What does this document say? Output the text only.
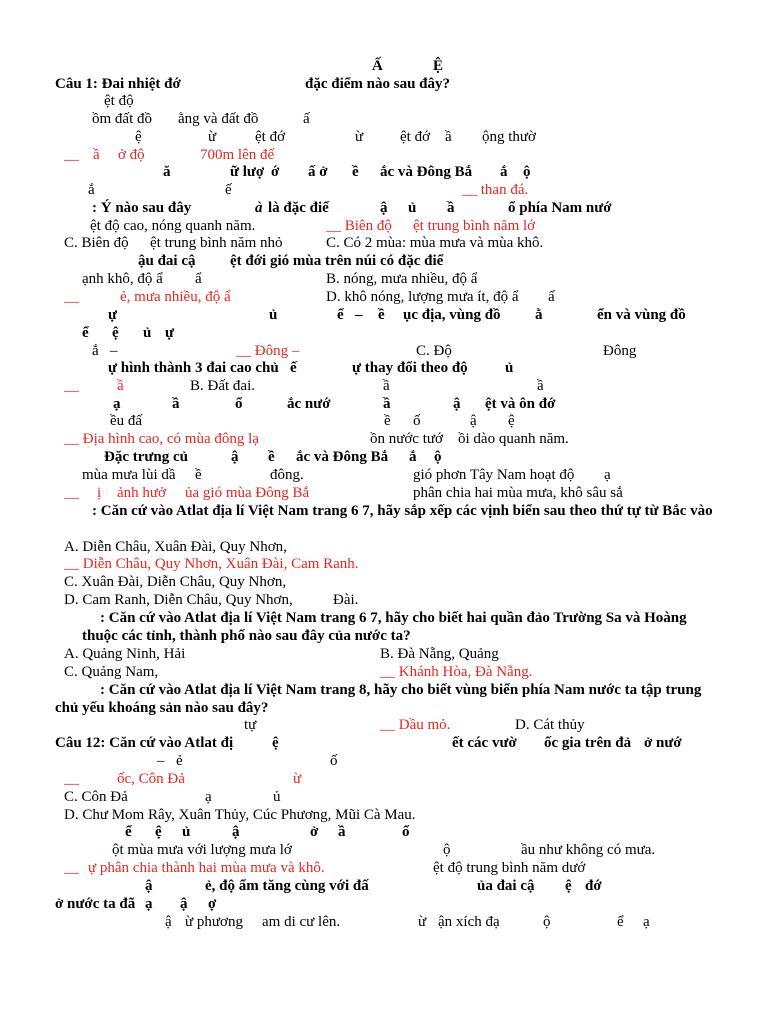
Ấ	Ệ
Câu 1: Đai nhiệt đớ	đặc điểm nào sau đây?
ệt độ
ồm đất đồ ằng và đất đồ	ấ
ệ	ừ	ệt đớ	ừ ệt đớ ầ ộng thườ
__ ầ ở độ	700m lên đế
ă	ữ lượ ớ ấ ở ề ắc và Đông Bắ ắ ộ
ắ	ế	__ than đá.
: Ý nào sau đây	à là đặc điể	ậ ủ ầ	ổ phía Nam nướ
ệt độ cao, nóng quanh năm.	__ Biên độ ệt trung bình năm lớ
C. Biên độ ệt trung bình năm nhỏ	C. Có 2 mùa: mùa mưa và mùa khô.
ậu đai cậ ệt đới gió mùa trên núi có đặc điể
ạnh khô, độ ẩ ẩ	B. nóng, mưa nhiều, độ ẩ
__	ẻ, mưa nhiều, độ ẩ	D. khô nóng, lượng mưa ít, độ ẩ ấ
ự	ủ	ể – ề ục địa, vùng đồ ằ	ển và vùng đồ
ể ệ ủ ự
ắ –	__ Đông –	C. Độ	Đông
ự hình thành 3 đai cao chủ ế	ự thay đổi theo độ ủ
__	ầ	B. Đất đai.	ầ	ầ
ạ	ầ	ổ	ắc nướ	ầ	ậ ệt và ôn đớ
ều đấ	ề ố	ậ ệ
__ Địa hình cao, có mùa đông lạ	ồn nước tướ ồi dào quanh năm.
Đặc trưng củ	ậ ề ắc và Đông Bắ ắ ộ
mùa mưa lùi dầ ề	đông.	gió phơn Tây Nam hoạt độ ạ
__ ị ảnh hưở ủa gió mùa Đông Bắ	phân chia hai mùa mưa, khô sâu sắ
: Căn cứ vào Atlat địa lí Việt Nam trang 6 7, hãy sắp xếp các vịnh biển sau theo thứ tự từ Bắc vào
A. Diễn Châu, Xuân Đài, Quy Nhơn,
__ Diễn Châu, Quy Nhơn, Xuân Đài, Cam Ranh.
C. Xuân Đài, Diễn Châu, Quy Nhơn,
D. Cam Ranh, Diễn Châu, Quy Nhơn,	Đài.
: Căn cứ vào Atlat địa lí Việt Nam trang 6 7, hãy cho biết hai quần đảo Trường Sa và Hoàng
thuộc các tỉnh, thành phố nào sau đây của nước ta?
A. Quảng Ninh, Hải	B. Đà Nẵng, Quảng
C. Quảng Nam,	__ Khánh Hòa, Đà Nẵng.
: Căn cứ vào Atlat địa lí Việt Nam trang 8, hãy cho biết vùng biển phía Nam nước ta tập trung
chủ yếu khoáng sản nào sau đây?
tự	__ Dầu mỏ.	D. Cát thủy
Câu 12: Căn cứ vào Atlat đị	ệ	ết các vườ ốc gia trên đả ở nướ
– ẻ	ố
__	ốc, Côn Đả	ừ
C. Côn Đả	ạ	ủ
D. Chư Mom Rây, Xuân Thủy, Cúc Phương, Mũi Cà Mau.
ể ệ ủ	ậ	ở ầ	ổ
ột mùa mưa với lượng mưa lớ	ộ	ầu như không có mưa.
__ ự phân chia thành hai mùa mưa và khô.	ệt độ trung bình năm dướ
ậ	ẻ, độ ẩm tăng cùng với đấ	ủa đai cậ ệ đớ
ở nước ta đã ạ ậ ợ
ậ ừ phương am di cư lên.	ừ ận xích đạ	ộ	ể ạ
